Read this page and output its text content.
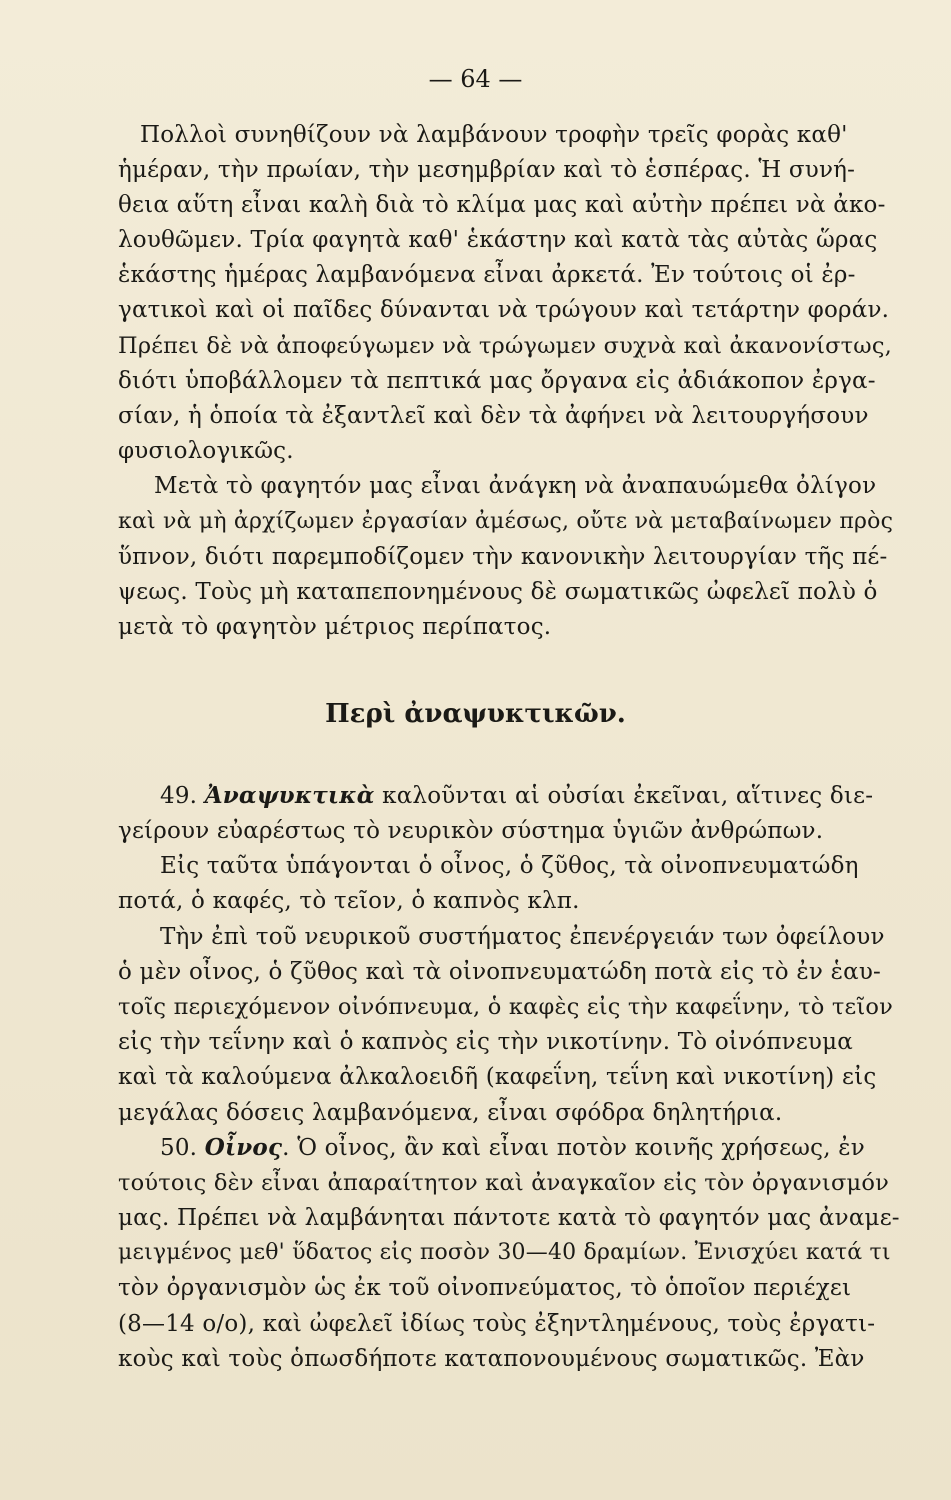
— 64 —
Πολλοὶ συνηθίζουν νὰ λαμβάνουν τροφὴν τρεῖς φορὰς καθ'
ἡμέραν, τὴν πρωίαν, τὴν μεσημβρίαν καὶ τὸ ἑσπέρας. Ἡ συνή-
θεια αὕτη εἶναι καλὴ διὰ τὸ κλίμα μας καὶ αὐτὴν πρέπει νὰ ἀκο-
λουθῶμεν. Τρία φαγητὰ καθ' ἑκάστην καὶ κατὰ τὰς αὐτὰς ὥρας
ἑκάστης ἡμέρας λαμβανόμενα εἶναι ἀρκετά. Ἐν τούτοις οἱ ἐρ-
γατικοὶ καὶ οἱ παῖδες δύνανται νὰ τρώγουν καὶ τετάρτην φοράν.
Πρέπει δὲ νὰ ἀποφεύγωμεν νὰ τρώγωμεν συχνὰ καὶ ἀκανονίστως,
διότι ὑποβάλλομεν τὰ πεπτικά μας ὄργανα εἰς ἀδιάκοπον ἐργα-
σίαν, ἡ ὁποία τὰ ἐξαντλεῖ καὶ δὲν τὰ ἀφήνει νὰ λειτουργήσουν
φυσιολογικῶς.
Μετὰ τὸ φαγητόν μας εἶναι ἀνάγκη νὰ ἀναπαυώμεθα ὀλίγον
καὶ νὰ μὴ ἀρχίζωμεν ἐργασίαν ἀμέσως, οὔτε νὰ μεταβαίνωμεν πρὸς
ὕπνον, διότι παρεμποδίζομεν τὴν κανονικὴν λειτουργίαν τῆς πέ-
ψεως. Τοὺς μὴ καταπεπονημένους δὲ σωματικῶς ὠφελεῖ πολὺ ὁ
μετὰ τὸ φαγητὸν μέτριος περίπατος.
Περὶ ἀναψυκτικῶν.
49. Ἀναψυκτικὰ καλοῦνται αἱ οὐσίαι ἐκεῖναι, αἵτινες διε-
γείρουν εὐαρέστως τὸ νευρικὸν σύστημα ὑγιῶν ἀνθρώπων.
Εἰς ταῦτα ὑπάγονται ὁ οἶνος, ὁ ζῦθος, τὰ οἰνοπνευματώδη
ποτά, ὁ καφές, τὸ τεῖον, ὁ καπνὸς κλπ.
Τὴν ἐπὶ τοῦ νευρικοῦ συστήματος ἐπενέργειάν των ὀφείλουν
ὁ μὲν οἶνος, ὁ ζῦθος καὶ τὰ οἰνοπνευματώδη ποτὰ εἰς τὸ ἐν ἑαυ-
τοῖς περιεχόμενον οἰνόπνευμα, ὁ καφὲς εἰς τὴν καφεΐνην, τὸ τεῖον
εἰς τὴν τεΐνην καὶ ὁ καπνὸς εἰς τὴν νικοτίνην. Τὸ οἰνόπνευμα
καὶ τὰ καλούμενα ἀλκαλοειδῆ (καφεΐνη, τεΐνη καὶ νικοτίνη) εἰς
μεγάλας δόσεις λαμβανόμενα, εἶναι σφόδρα δηλητήρια.
50. Οἶνος. Ὁ οἶνος, ἂν καὶ εἶναι ποτὸν κοινῆς χρήσεως, ἐν
τούτοις δὲν εἶναι ἀπαραίτητον καὶ ἀναγκαῖον εἰς τὸν ὀργανισμόν
μας. Πρέπει νὰ λαμβάνηται πάντοτε κατὰ τὸ φαγητόν μας ἀναμε-
μειγμένος μεθ' ὕδατος εἰς ποσὸν 30—40 δραμίων. Ἐνισχύει κατά τι
τὸν ὀργανισμὸν ὡς ἐκ τοῦ οἰνοπνεύματος, τὸ ὁποῖον περιέχει
(8—14 ο/ο), καὶ ὠφελεῖ ἰδίως τοὺς ἐξηντλημένους, τοὺς ἐργατι-
κοὺς καὶ τοὺς ὁπωσδήποτε καταπονουμένους σωματικῶς. Ἐὰν
